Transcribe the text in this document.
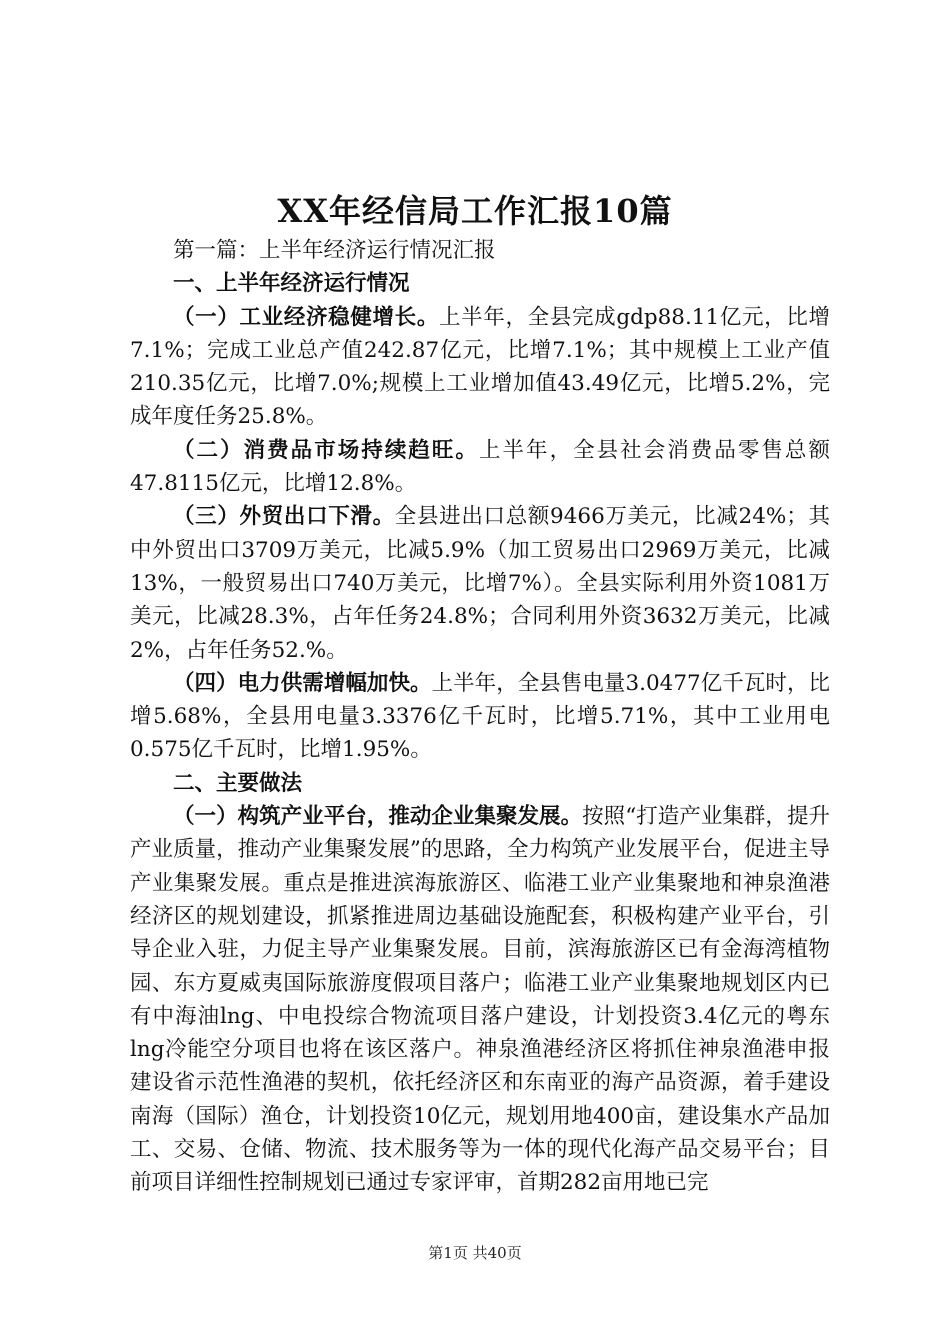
XX年经信局工作汇报10篇

第一篇：上半年经济运行情况汇报

一、上半年经济运行情况

（一）工业经济稳健增长。上半年，全县完成gdp88.11亿元，比增7.1%；完成工业总产值242.87亿元，比增7.1%；其中规模上工业产值210.35亿元，比增7.0%;规模上工业增加值43.49亿元，比增5.2%，完成年度任务25.8%。

（二）消费品市场持续趋旺。上半年，全县社会消费品零售总额47.8115亿元，比增12.8%。

（三）外贸出口下滑。全县进出口总额9466万美元，比减24%；其中外贸出口3709万美元，比减5.9%（加工贸易出口2969万美元，比减13%，一般贸易出口740万美元，比增7%）。全县实际利用外资1081万美元，比减28.3%，占年任务24.8%；合同利用外资3632万美元，比减2%，占年任务52.%。

（四）电力供需增幅加快。上半年，全县售电量3.0477亿千瓦时，比增5.68%，全县用电量3.3376亿千瓦时，比增5.71%，其中工业用电0.575亿千瓦时，比增1.95%。

二、主要做法

（一）构筑产业平台，推动企业集聚发展。按照“打造产业集群，提升产业质量，推动产业集聚发展”的思路，全力构筑产业发展平台，促进主导产业集聚发展。重点是推进滨海旅游区、临港工业产业集聚地和神泉渔港经济区的规划建设，抓紧推进周边基础设施配套，积极构建产业平台，引导企业入驻，力促主导产业集聚发展。目前，滨海旅游区已有金海湾植物园、东方夏威夷国际旅游度假项目落户；临港工业产业集聚地规划区内已有中海油lng、中电投综合物流项目落户建设，计划投资3.4亿元的粤东lng冷能空分项目也将在该区落户。神泉渔港经济区将抓住神泉渔港申报建设省示范性渔港的契机，依托经济区和东南亚的海产品资源，着手建设南海（国际）渔仓，计划投资10亿元，规划用地400亩，建设集水产品加工、交易、仓储、物流、技术服务等为一体的现代化海产品交易平台；目前项目详细性控制规划已通过专家评审，首期282亩用地已完

第1页 共40页
